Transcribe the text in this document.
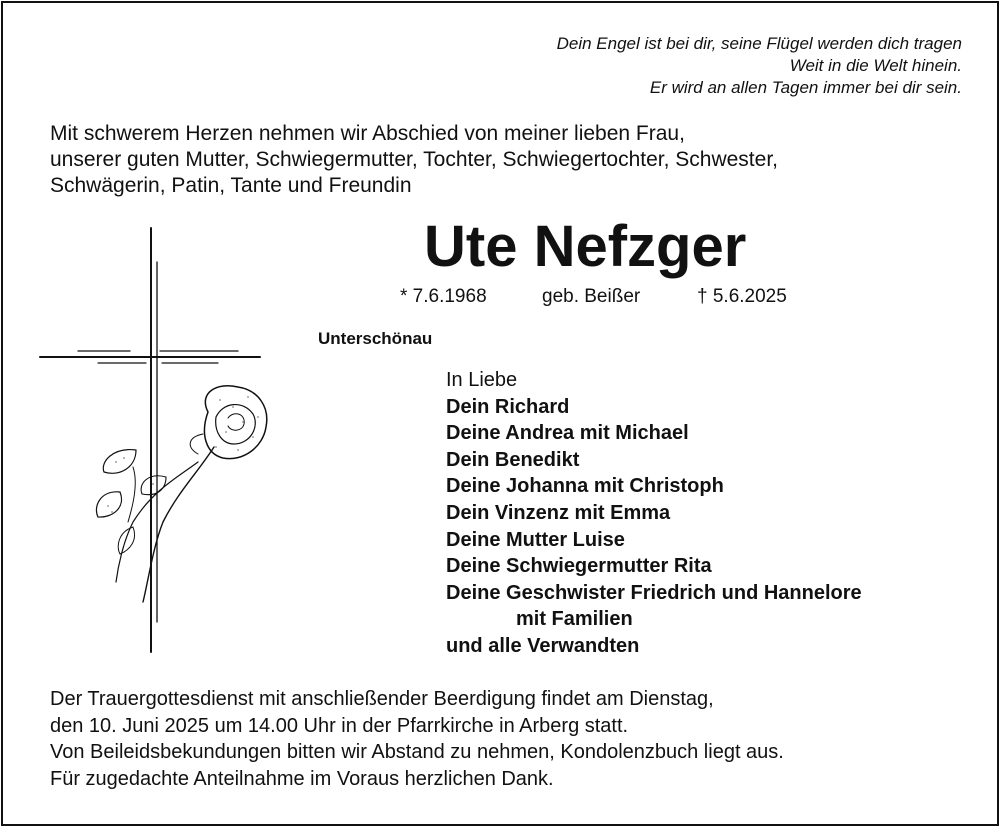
Dein Engel ist bei dir, seine Flügel werden dich tragen
Weit in die Welt hinein.
Er wird an allen Tagen immer bei dir sein.
Mit schwerem Herzen nehmen wir Abschied von meiner lieben Frau,
unserer guten Mutter, Schwiegermutter, Tochter, Schwiegertochter, Schwester,
Schwägerin, Patin, Tante und Freundin
Ute Nefzger
* 7.6.1968	geb. Beißer	† 5.6.2025
Unterschönau
In Liebe
Dein Richard
Deine Andrea mit Michael
Dein Benedikt
Deine Johanna mit Christoph
Dein Vinzenz mit Emma
Deine Mutter Luise
Deine Schwiegermutter Rita
Deine Geschwister Friedrich und Hannelore
mit Familien
und alle Verwandten
Der Trauergottesdienst mit anschließender Beerdigung findet am Dienstag,
den 10. Juni 2025 um 14.00 Uhr in der Pfarrkirche in Arberg statt.
Von Beileidsbekundungen bitten wir Abstand zu nehmen, Kondolenzbuch liegt aus.
Für zugedachte Anteilnahme im Voraus herzlichen Dank.
